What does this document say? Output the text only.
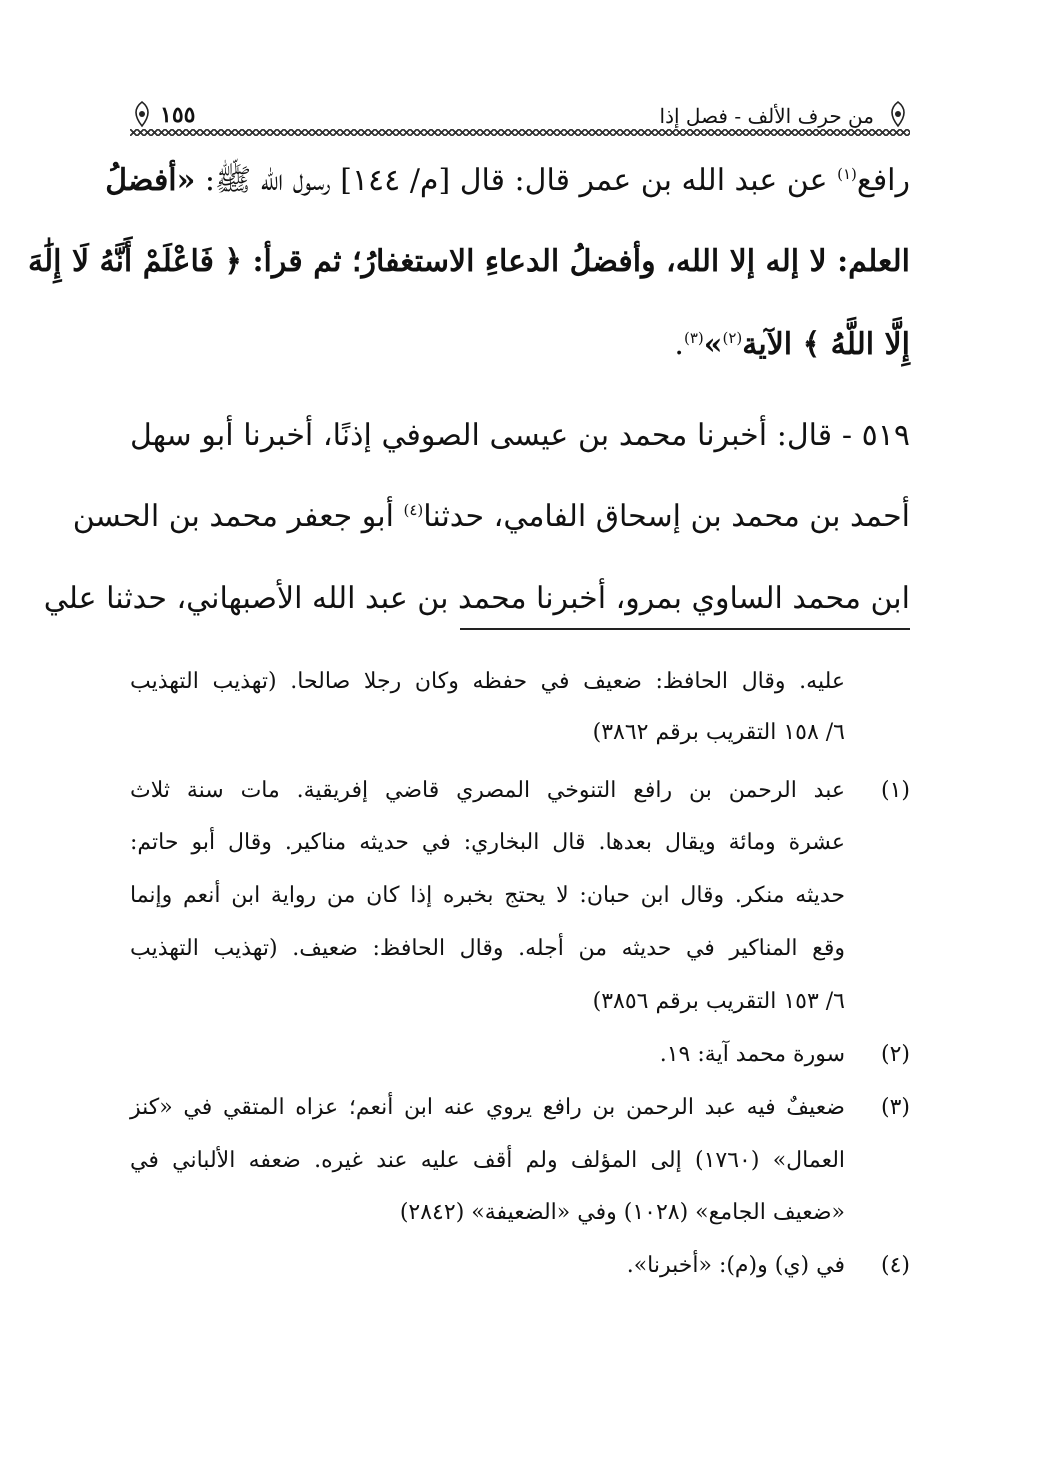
من حرف الألف - فصل إذا
١٥٥
رافع$^{(١)}$ عن عبد الله بن عمر قال: قال [م/ ١٤٤] رسول الله ﷺ: «أفضلُ
العلم: لا إله إلا الله، وأفضلُ الدعاءِ الاستغفارُ؛ ثم قرأ: ﴿ فَاعْلَمْ أَنَّهُ لَا إِلَٰهَ
إِلَّا اللَّهُ ﴾ الآية$^{(٢)}$»$^{(٣)}$.
٥١٩ - قال: أخبرنا محمد بن عيسى الصوفي إذنًا، أخبرنا أبو سهل
أحمد بن محمد بن إسحاق الفامي، حدثنا$^{(٤)}$ أبو جعفر محمد بن الحسن
ابن محمد الساوي بمرو، أخبرنا محمد بن عبد الله الأصبهاني، حدثنا علي
عليه. وقال الحافظ: ضعيف في حفظه وكان رجلا صالحا. (تهذيب التهذيب
٦/ ١٥٨ التقريب برقم ٣٨٦٢)
(١)
عبد الرحمن بن رافع التنوخي المصري قاضي إفريقية. مات سنة ثلاث
عشرة ومائة ويقال بعدها. قال البخاري: في حديثه مناكير. وقال أبو حاتم:
حديثه منكر. وقال ابن حبان: لا يحتج بخبره إذا كان من رواية ابن أنعم وإنما
وقع المناكير في حديثه من أجله. وقال الحافظ: ضعيف. (تهذيب التهذيب
٦/ ١٥٣ التقريب برقم ٣٨٥٦)
(٢)
سورة محمد آية: ١٩.
(٣)
ضعيفٌ فيه عبد الرحمن بن رافع يروي عنه ابن أنعم؛ عزاه المتقي في «كنز
العمال» (١٧٦٠) إلى المؤلف ولم أقف عليه عند غيره. ضعفه الألباني في
«ضعيف الجامع» (١٠٢٨) وفي «الضعيفة» (٢٨٤٢)
(٤)
في (ي) و(م): «أخبرنا».
